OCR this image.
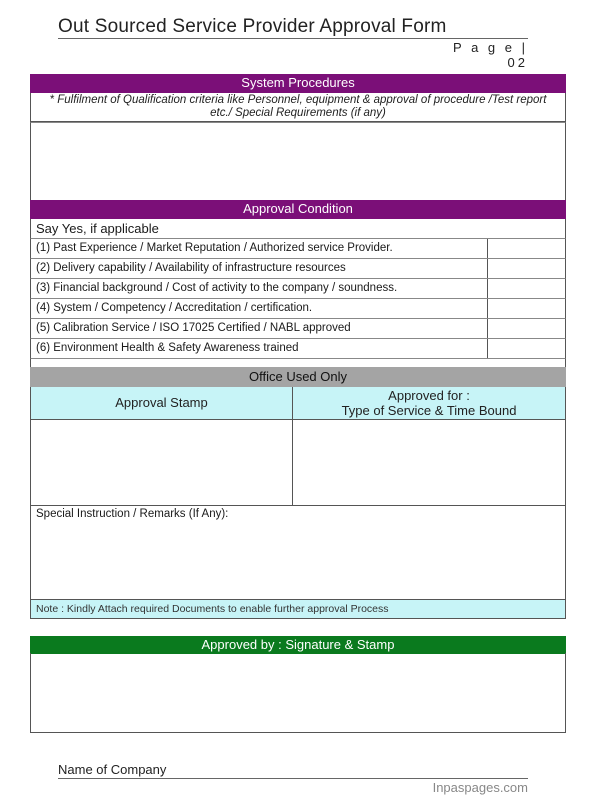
Out Sourced Service Provider Approval Form
P a g e | 02
System Procedures
* Fulfilment of Qualification criteria like Personnel, equipment & approval of procedure /Test report etc./ Special Requirements (if any)
Approval Condition
Say Yes, if applicable
(1) Past Experience / Market Reputation / Authorized service Provider.
(2) Delivery capability / Availability of infrastructure resources
(3) Financial background / Cost of activity to the company / soundness.
(4) System / Competency / Accreditation / certification.
(5) Calibration Service / ISO 17025 Certified / NABL approved
(6) Environment Health & Safety Awareness trained
Office Used Only
Approval Stamp	Approved for :
Type of Service & Time Bound
Special Instruction / Remarks (If Any):
Note : Kindly Attach required Documents to enable further approval Process
Approved by : Signature & Stamp
Name of Company
Inpaspages.com
